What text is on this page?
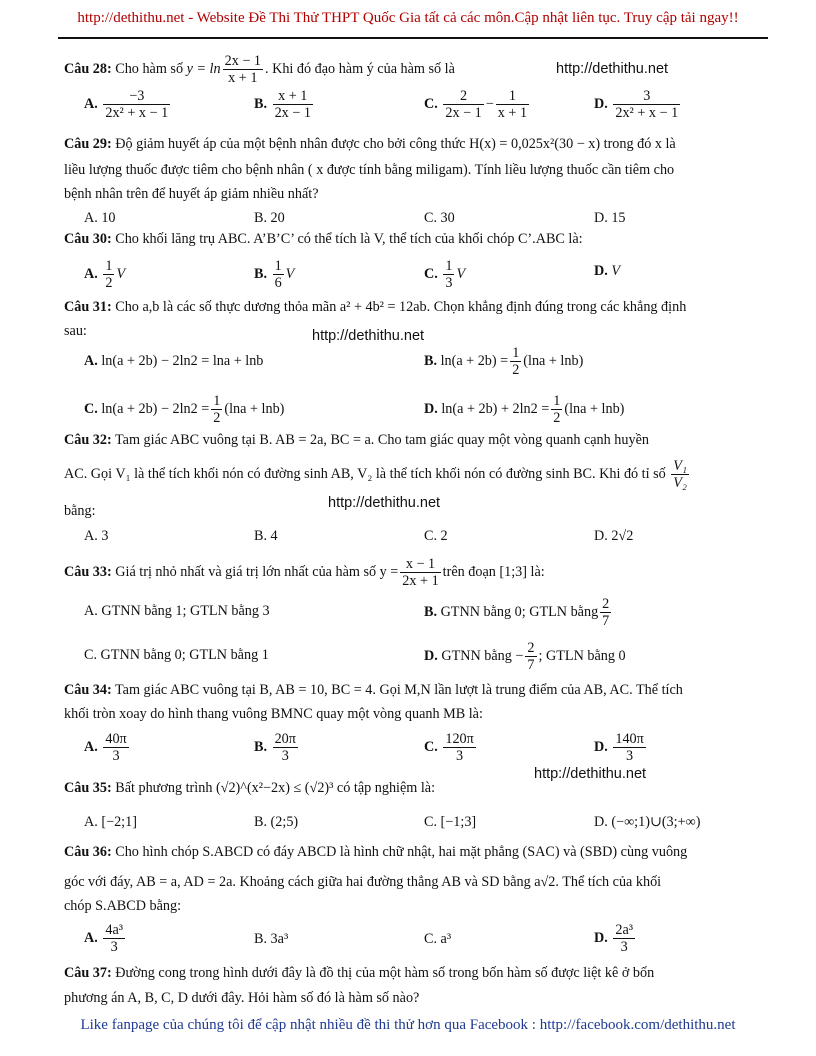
http://dethithu.net - Website Đề Thi Thử THPT Quốc Gia tất cả các môn.Cập nhật liên tục. Truy cập tải ngay!!
http://dethithu.net
http://dethithu.net
http://dethithu.net
http://dethithu.net
Câu 28: Cho hàm số $y = \ln \frac{2x - 1}{x + 1}$ . Khi đó đạo hàm ý của hàm số là
A. $\frac{-3}{\text{2x² + x − 1}}$	B. $\frac{x + 1}{2x - 1}$	C. $\frac{2}{2x - 1} - \frac{1}{x + 1}$	D. $\frac{3}{\text{2x² + x − 1}}$
Câu 29: Độ giảm huyết áp của một bệnh nhân được cho bởi công thức H(x) = 0,025x²(30 − x) trong đó x là
liều lượng thuốc được tiêm cho bệnh nhân ( x được tính bằng miligam). Tính liều lượng thuốc cần tiêm cho
bệnh nhân trên để huyết áp giảm nhiều nhất?
A. 10	B. 20	C. 30	D. 15
Câu 30: Cho khối lăng trụ ABC. A’B’C’ có thể tích là V, thể tích của khối chóp C’.ABC là:
A. $\frac{1}{2}$ V	B. $\frac{1}{6}$ V	C. $\frac{1}{3}$ V	D. V
Câu 31: Cho a,b là các số thực dương thỏa mãn a² + 4b² = 12ab. Chọn khẳng định đúng trong các khẳng định
sau:
A. ln(a + 2b) − 2ln2 = lna + lnb	B. $\ln(a + 2b) = \frac{1}{2} (\ln a + \ln b)$
C. $\ln(a + 2b) - 2\ln 2 = \frac{1}{2} (\ln a + \ln b)$	D. $\ln(a + 2b) + 2\ln 2 = \frac{1}{2} (\ln a + \ln b)$
Câu 32: Tam giác ABC vuông tại B. AB = 2a, BC = a. Cho tam giác quay một vòng quanh cạnh huyền
AC. Gọi V₁ là thể tích khối nón có đường sinh AB, V₂ là thể tích khối nón có đường sinh BC. Khi đó tỉ số $\frac{\text{V₁}}{\text{V₂}}$
bằng:
A. 3	B. 4	C. 2	D. 2√2
Câu 33: Giá trị nhỏ nhất và giá trị lớn nhất của hàm số $y = \frac{x - 1}{2x + 1}$ trên đoạn [1;3] là:
A. GTNN bằng 1; GTLN bằng 3	B. GTNN bằng 0; GTLN bằng $\frac{2}{7}$
C. GTNN bằng 0; GTLN bằng 1	D. GTNN bằng − $\frac{2}{7}$ ; GTLN bằng 0
Câu 34: Tam giác ABC vuông tại B, AB = 10, BC = 4. Gọi M,N lần lượt là trung điểm của AB, AC. Thể tích
khối tròn xoay do hình thang vuông BMNC quay một vòng quanh MB là:
A. $\frac{40\pi}{3}$	B. $\frac{20\pi}{3}$	C. $\frac{120\pi}{3}$	D. $\frac{140\pi}{3}$
Câu 35: Bất phương trình (√2)^(x²−2x) ≤ (√2)³ có tập nghiệm là:
A. [−2;1]	B. (2;5)	C. [−1;3]	D. (−∞;1)∪(3;+∞)
Câu 36: Cho hình chóp S.ABCD có đáy ABCD là hình chữ nhật, hai mặt phẳng (SAC) và (SBD) cùng vuông
góc với đáy, AB = a, AD = 2a. Khoảng cách giữa hai đường thẳng AB và SD bằng a√2. Thể tích của khối
chóp S.ABCD bằng:
A. $\frac{\text{4a³}}{3}$	B. 3a³	C. a³	D. $\frac{\text{2a³}}{3}$
Câu 37: Đường cong trong hình dưới đây là đồ thị của một hàm số trong bốn hàm số được liệt kê ở bốn
phương án A, B, C, D dưới đây. Hỏi hàm số đó là hàm số nào?
Like fanpage của chúng tôi để cập nhật nhiều đề thi thử hơn qua Facebook : http://facebook.com/dethithu.net
